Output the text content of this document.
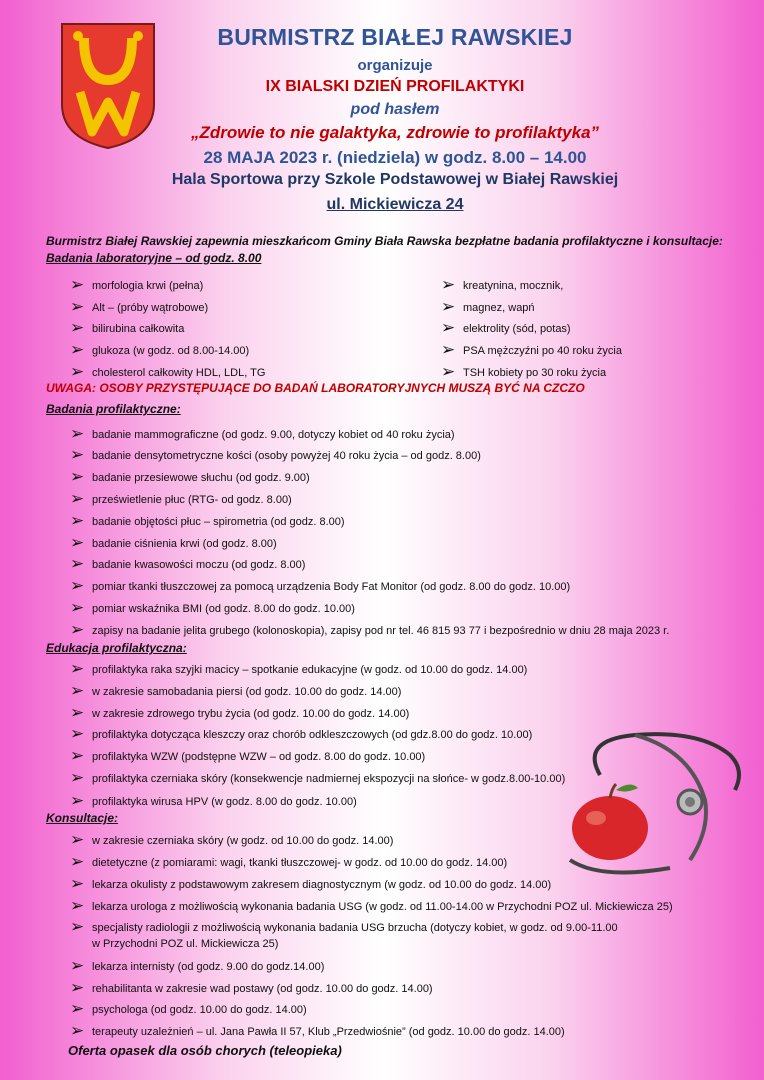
BURMISTRZ BIAŁEJ RAWSKIEJ
organizuje
IX BIALSKI DZIEŃ PROFILAKTYKI
pod hasłem
„Zdrowie to nie galaktyka, zdrowie to profilaktyka”
28 MAJA 2023 r. (niedziela) w godz. 8.00 – 14.00
Hala Sportowa przy Szkole Podstawowej w Białej Rawskiej
ul. Mickiewicza 24
Burmistrz Białej Rawskiej zapewnia mieszkańcom Gminy Biała Rawska bezpłatne badania profilaktyczne i konsultacje:
Badania laboratoryjne – od godz. 8.00
➢ morfologia krwi (pełna)
➢ Alt – (próby wątrobowe)
➢ bilirubina całkowita
➢ glukoza (w godz. od 8.00-14.00)
➢ cholesterol całkowity HDL, LDL, TG
➢ kreatynina, mocznik,
➢ magnez, wapń
➢ elektrolity (sód, potas)
➢ PSA mężczyźni po 40 roku życia
➢ TSH kobiety po 30 roku życia
UWAGA: OSOBY PRZYSTĘPUJĄCE DO BADAŃ LABORATORYJNYCH MUSZĄ BYĆ NA CZCZO
Badania profilaktyczne:
➢ badanie mammograficzne (od godz. 9.00, dotyczy kobiet od 40 roku życia)
➢ badanie densytometryczne kości (osoby powyżej 40 roku życia – od godz. 8.00)
➢ badanie przesiewowe słuchu (od godz. 9.00)
➢ prześwietlenie płuc (RTG- od godz. 8.00)
➢ badanie objętości płuc – spirometria (od godz. 8.00)
➢ badanie ciśnienia krwi (od godz. 8.00)
➢ badanie kwasowości moczu (od godz. 8.00)
➢ pomiar tkanki tłuszczowej za pomocą urządzenia Body Fat Monitor (od godz. 8.00 do godz. 10.00)
➢ pomiar wskaźnika BMI (od godz. 8.00 do godz. 10.00)
➢ zapisy na badanie jelita grubego (kolonoskopia), zapisy pod nr tel. 46 815 93 77 i bezpośrednio w dniu 28 maja 2023 r.
Edukacja profilaktyczna:
➢ profilaktyka raka szyjki macicy – spotkanie edukacyjne (w godz. od 10.00 do godz. 14.00)
➢ w zakresie samobadania piersi (od godz. 10.00 do godz. 14.00)
➢ w zakresie zdrowego trybu życia (od godz. 10.00 do godz. 14.00)
➢ profilaktyka dotycząca kleszczy oraz chorób odkleszczowych (od gdz.8.00 do godz. 10.00)
➢ profilaktyka WZW (podstępne WZW – od godz. 8.00 do godz. 10.00)
➢ profilaktyka czerniaka skóry (konsekwencje nadmiernej ekspozycji na słońce- w godz.8.00-10.00)
➢ profilaktyka wirusa HPV (w godz. 8.00 do godz. 10.00)
Konsultacje:
➢ w zakresie czerniaka skóry (w godz. od 10.00 do godz. 14.00)
➢ dietetyczne (z pomiarami: wagi, tkanki tłuszczowej- w godz. od 10.00 do godz. 14.00)
➢ lekarza okulisty z podstawowym zakresem diagnostycznym (w godz. od 10.00 do godz. 14.00)
➢ lekarza urologa z możliwością wykonania badania USG (w godz. od 11.00-14.00 w Przychodni POZ ul. Mickiewicza 25)
➢ specjalisty radiologii z możliwością wykonania badania USG brzucha (dotyczy kobiet, w godz. od 9.00-11.00
w Przychodni POZ ul. Mickiewicza 25)
➢ lekarza internisty (od godz. 9.00 do godz.14.00)
➢ rehabilitanta w zakresie wad postawy (od godz. 10.00 do godz. 14.00)
➢ psychologa (od godz. 10.00 do godz. 14.00)
➢ terapeuty uzależnień – ul. Jana Pawła II 57, Klub „Przedwiośnie” (od godz. 10.00 do godz. 14.00)
Oferta opasek dla osób chorych (teleopieka)
